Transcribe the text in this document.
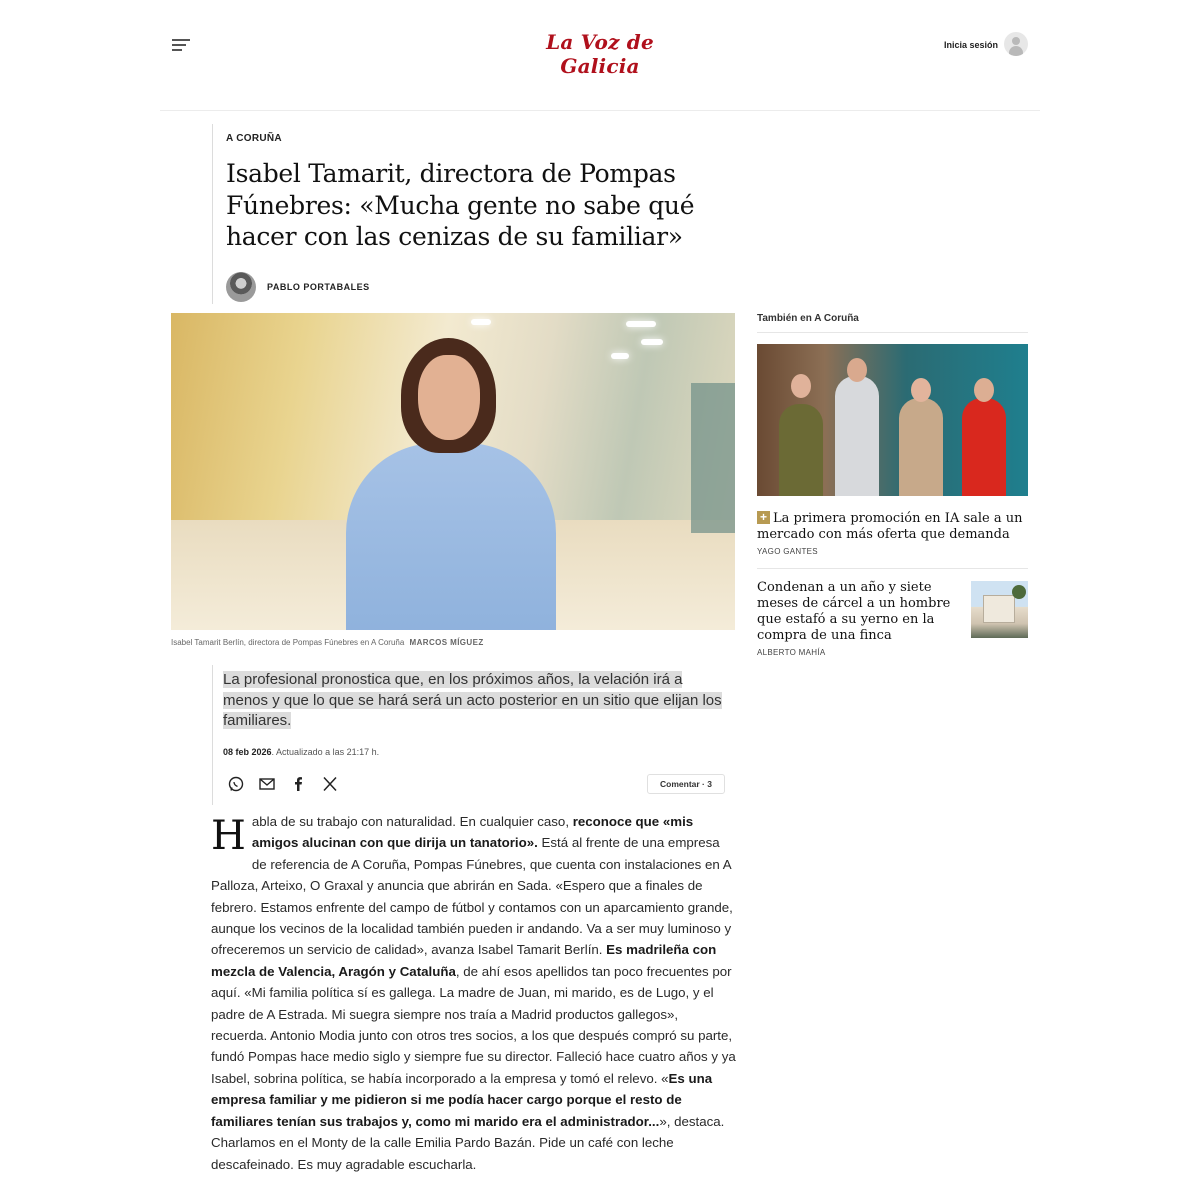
La Voz de Galicia
Inicia sesión
A CORUÑA
Isabel Tamarit, directora de Pompas Fúnebres: «Mucha gente no sabe qué hacer con las cenizas de su familiar»
PABLO PORTABALES
Isabel Tamarit Berlín, directora de Pompas Fúnebres en A Coruña MARCOS MÍGUEZ

La profesional pronostica que, en los próximos años, la velación irá a menos y que lo que se hará será un acto posterior en un sitio que elijan los familiares.

08 feb 2026. Actualizado a las 21:17 h.
Comentar · 3
Habla de su trabajo con naturalidad. En cualquier caso, reconoce que «mis amigos alucinan con que dirija un tanatorio». Está al frente de una empresa de referencia de A Coruña, Pompas Fúnebres, que cuenta con instalaciones en A Palloza, Arteixo, O Graxal y anuncia que abrirán en Sada. «Espero que a finales de febrero. Estamos enfrente del campo de fútbol y contamos con un aparcamiento grande, aunque los vecinos de la localidad también pueden ir andando. Va a ser muy luminoso y ofreceremos un servicio de calidad», avanza Isabel Tamarit Berlín. Es madrileña con mezcla de Valencia, Aragón y Cataluña, de ahí esos apellidos tan poco frecuentes por aquí. «Mi familia política sí es gallega. La madre de Juan, mi marido, es de Lugo, y el padre de A Estrada. Mi suegra siempre nos traía a Madrid productos gallegos», recuerda. Antonio Modia junto con otros tres socios, a los que después compró su parte, fundó Pompas hace medio siglo y siempre fue su director. Falleció hace cuatro años y ya Isabel, sobrina política, se había incorporado a la empresa y tomó el relevo. «Es una empresa familiar y me pidieron si me podía hacer cargo porque el resto de familiares tenían sus trabajos y, como mi marido era el administrador...», destaca. Charlamos en el Monty de la calle Emilia Pardo Bazán. Pide un café con leche descafeinado. Es muy agradable escucharla.
También en A Coruña
+ La primera promoción en IA sale a un mercado con más oferta que demanda
YAGO GANTES
Condenan a un año y siete meses de cárcel a un hombre que estafó a su yerno en la compra de una finca
ALBERTO MAHÍA
